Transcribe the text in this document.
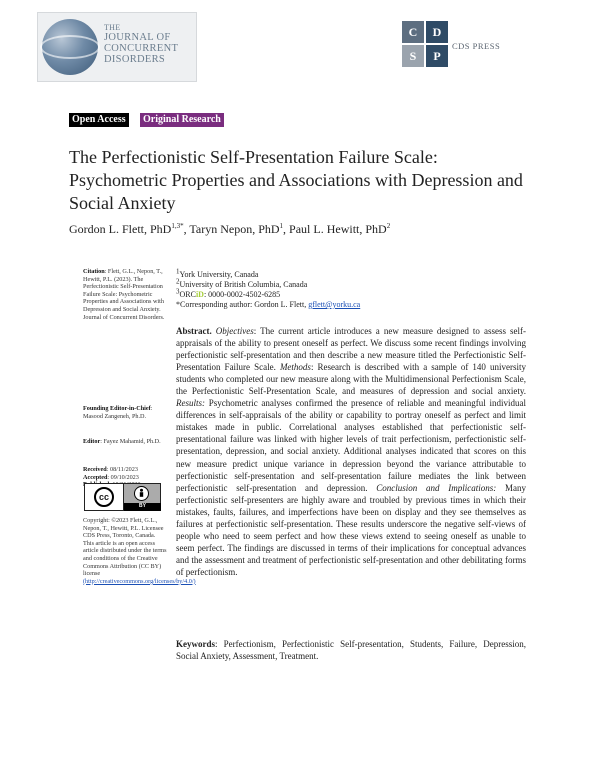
THE
JOURNAL OF
CONCURRENT
DISORDERS
C	D
S	P
CDS PRESS
Open Access	Original Research
The Perfectionistic Self-Presentation Failure Scale: Psychometric Properties and Associations with Depression and Social Anxiety
Gordon L. Flett, PhD$^{1,3*}$, Taryn Nepon, PhD$^1$, Paul L. Hewitt, PhD$^2$
Citation: Flett, G.L., Nepon, T., Hewitt, P.L. (2023). The Perfectionistic Self-Presentation Failure Scale: Psychometric Properties and Associations with Depression and Social Anxiety. Journal of Concurrent Disorders.
Founding Editor-in-Chief: Masood Zangeneh, Ph.D.
Editor: Fayez Mahamid, Ph.D.
Received: 08/11/2023
Accepted: 09/10/2023
cc
BY
Copyright: ©2023 Flett, G.L., Nepon, T., Hewitt, P.L. Licensee CDS Press, Toronto, Canada. This article is an open access article distributed under the terms and conditions of the Creative Commons Attribution (CC BY) license (http://creativecommons.org/licenses/by/4.0/)
$^1$York University, Canada
$^2$University of British Columbia, Canada
$^3$ORCiD: 0000-0002-4502-6285
*Corresponding author: Gordon L. Flett, gflett@yorku.ca
Abstract. Objectives: The current article introduces a new measure designed to assess self-appraisals of the ability to present oneself as perfect. We discuss some recent findings involving perfectionistic self-presentation and then describe a new measure titled the Perfectionistic Self-Presentation Failure Scale. Methods: Research is described with a sample of 140 university students who completed our new measure along with the Multidimensional Perfectionism Scale, the Perfectionistic Self-Presentation Scale, and measures of depression and social anxiety. Results: Psychometric analyses confirmed the presence of reliable and meaningful individual differences in self-appraisals of the ability or capability to portray oneself as perfect and limit mistakes made in public. Correlational analyses established that perfectionistic self-presentational failure was linked with higher levels of trait perfectionism, perfectionistic self-presentation, depression, and social anxiety. Additional analyses indicated that scores on this new measure predict unique variance in depression beyond the variance attributable to perfectionistic self-presentation and self-presentation failure mediates the link between perfectionistic self-presentation and depression. Conclusion and Implications: Many perfectionistic self-presenters are highly aware and troubled by previous times in which their mistakes, faults, failures, and imperfections have been on display and they see themselves as failures at perfectionistic self-presentation. These results underscore the negative self-views of people who need to seem perfect and how these views extend to seeing oneself as unable to seem perfect. The findings are discussed in terms of their implications for conceptual advances and the assessment and treatment of perfectionistic self-presentation and other debilitating forms of perfectionism.
Keywords: Perfectionism, Perfectionistic Self-presentation, Students, Failure, Depression, Social Anxiety, Assessment, Treatment.
